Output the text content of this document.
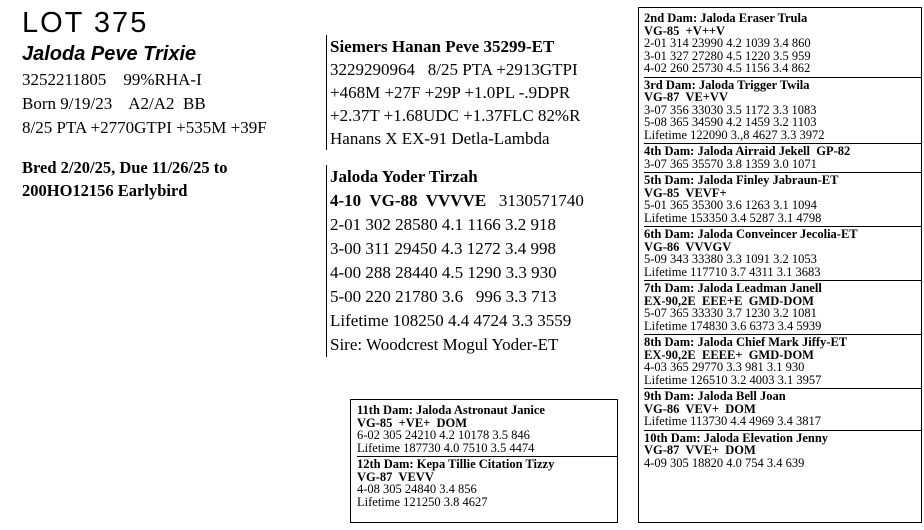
LOT 375
Jaloda Peve Trixie
3252211805    99%RHA-I
Born 9/19/23    A2/A2  BB
8/25 PTA +2770GTPI +535M +39F
Bred 2/20/25, Due 11/26/25 to
200HO12156 Earlybird
Siemers Hanan Peve 35299-ET
3229290964   8/25 PTA +2913GTPI
+468M +27F +29P +1.0PL -.9DPR
+2.37T +1.68UDC +1.37FLC 82%R
Hanans X EX-91 Detla-Lambda
Jaloda Yoder Tirzah
4-10  VG-88  VVVVE   3130571740
2-01 302 28580 4.1 1166 3.2 918
3-00 311 29450 4.3 1272 3.4 998
4-00 288 28440 4.5 1290 3.3 930
5-00 220 21780 3.6   996 3.3 713
Lifetime 108250 4.4 4724 3.3 3559
Sire: Woodcrest Mogul Yoder-ET
2nd Dam: Jaloda Eraser Trula
VG-85  +V++V
2-01 314 23990 4.2 1039 3.4 860
3-01 327 27280 4.5 1220 3.5 959
4-02 260 25730 4.5 1156 3.4 862
3rd Dam: Jaloda Trigger Twila
VG-87  VE+VV
3-07 356 33030 3.5 1172 3.3 1083
5-08 365 34590 4.2 1459 3.2 1103
Lifetime 122090 3.,8 4627 3.3 3972
4th Dam: Jaloda Airraid Jekell  GP-82
3-07 365 35570 3.8 1359 3.0 1071
5th Dam: Jaloda Finley Jabraun-ET
VG-85  VEVF+
5-01 365 35300 3.6 1263 3.1 1094
Lifetime 153350 3.4 5287 3.1 4798
6th Dam: Jaloda Conveincer Jecolia-ET
VG-86  VVVGV
5-09 343 33380 3.3 1091 3.2 1053
Lifetime 117710 3.7 4311 3.1 3683
7th Dam: Jaloda Leadman Janell
EX-90,2E  EEE+E  GMD-DOM
5-07 365 33330 3.7 1230 3.2 1081
Lifetime 174830 3.6 6373 3.4 5939
8th Dam: Jaloda Chief Mark Jiffy-ET
EX-90,2E  EEEE+  GMD-DOM
4-03 365 29770 3.3 981 3.1 930
Lifetime 126510 3.2 4003 3.1 3957
9th Dam: Jaloda Bell Joan
VG-86  VEV+  DOM
Lifetime 113730 4.4 4969 3.4 3817
10th Dam: Jaloda Elevation Jenny
VG-87  VVE+  DOM
4-09 305 18820 4.0 754 3.4 639
11th Dam: Jaloda Astronaut Janice
VG-85  +VE+  DOM
6-02 305 24210 4.2 10178 3.5 846
Lifetime 187730 4.0 7510 3.5 4474
12th Dam: Kepa Tillie Citation Tizzy
VG-87  VEVV
4-08 305 24840 3.4 856
Lifetime 121250 3.8 4627
